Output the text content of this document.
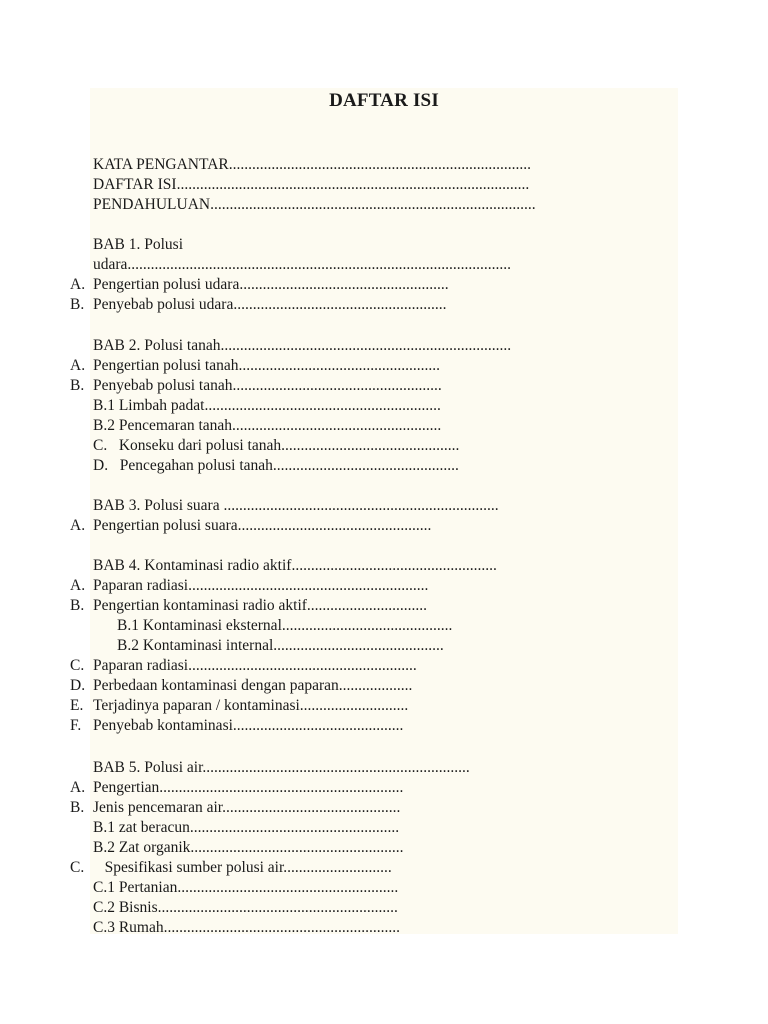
DAFTAR ISI
KATA PENGANTAR..............................................................................
DAFTAR ISI...........................................................................................
PENDAHULUAN....................................................................................
BAB 1. Polusi
udara...................................................................................................
A. Pengertian polusi udara......................................................
B. Penyebab polusi udara.......................................................
BAB 2. Polusi tanah...........................................................................
A. Pengertian polusi tanah....................................................
B. Penyebab polusi tanah......................................................
B.1 Limbah padat.............................................................
B.2 Pencemaran tanah......................................................
C.   Konseku dari polusi tanah..............................................
D.   Pencegahan polusi tanah................................................
BAB 3. Polusi suara .......................................................................
A. Pengertian polusi suara..................................................
BAB 4. Kontaminasi radio aktif.....................................................
A. Paparan radiasi..............................................................
B. Pengertian kontaminasi radio aktif...............................
B.1 Kontaminasi eksternal............................................
B.2 Kontaminasi internal............................................
C. Paparan radiasi...........................................................
D. Perbedaan kontaminasi dengan paparan...................
E. Terjadinya paparan / kontaminasi............................
F. Penyebab kontaminasi............................................
BAB 5. Polusi air.....................................................................
A. Pengertian...............................................................
B. Jenis pencemaran air..............................................
B.1 zat beracun......................................................
B.2 Zat organik.......................................................
C. Spesifikasi sumber polusi air............................
C.1 Pertanian.........................................................
C.2 Bisnis..............................................................
C.3 Rumah.............................................................
